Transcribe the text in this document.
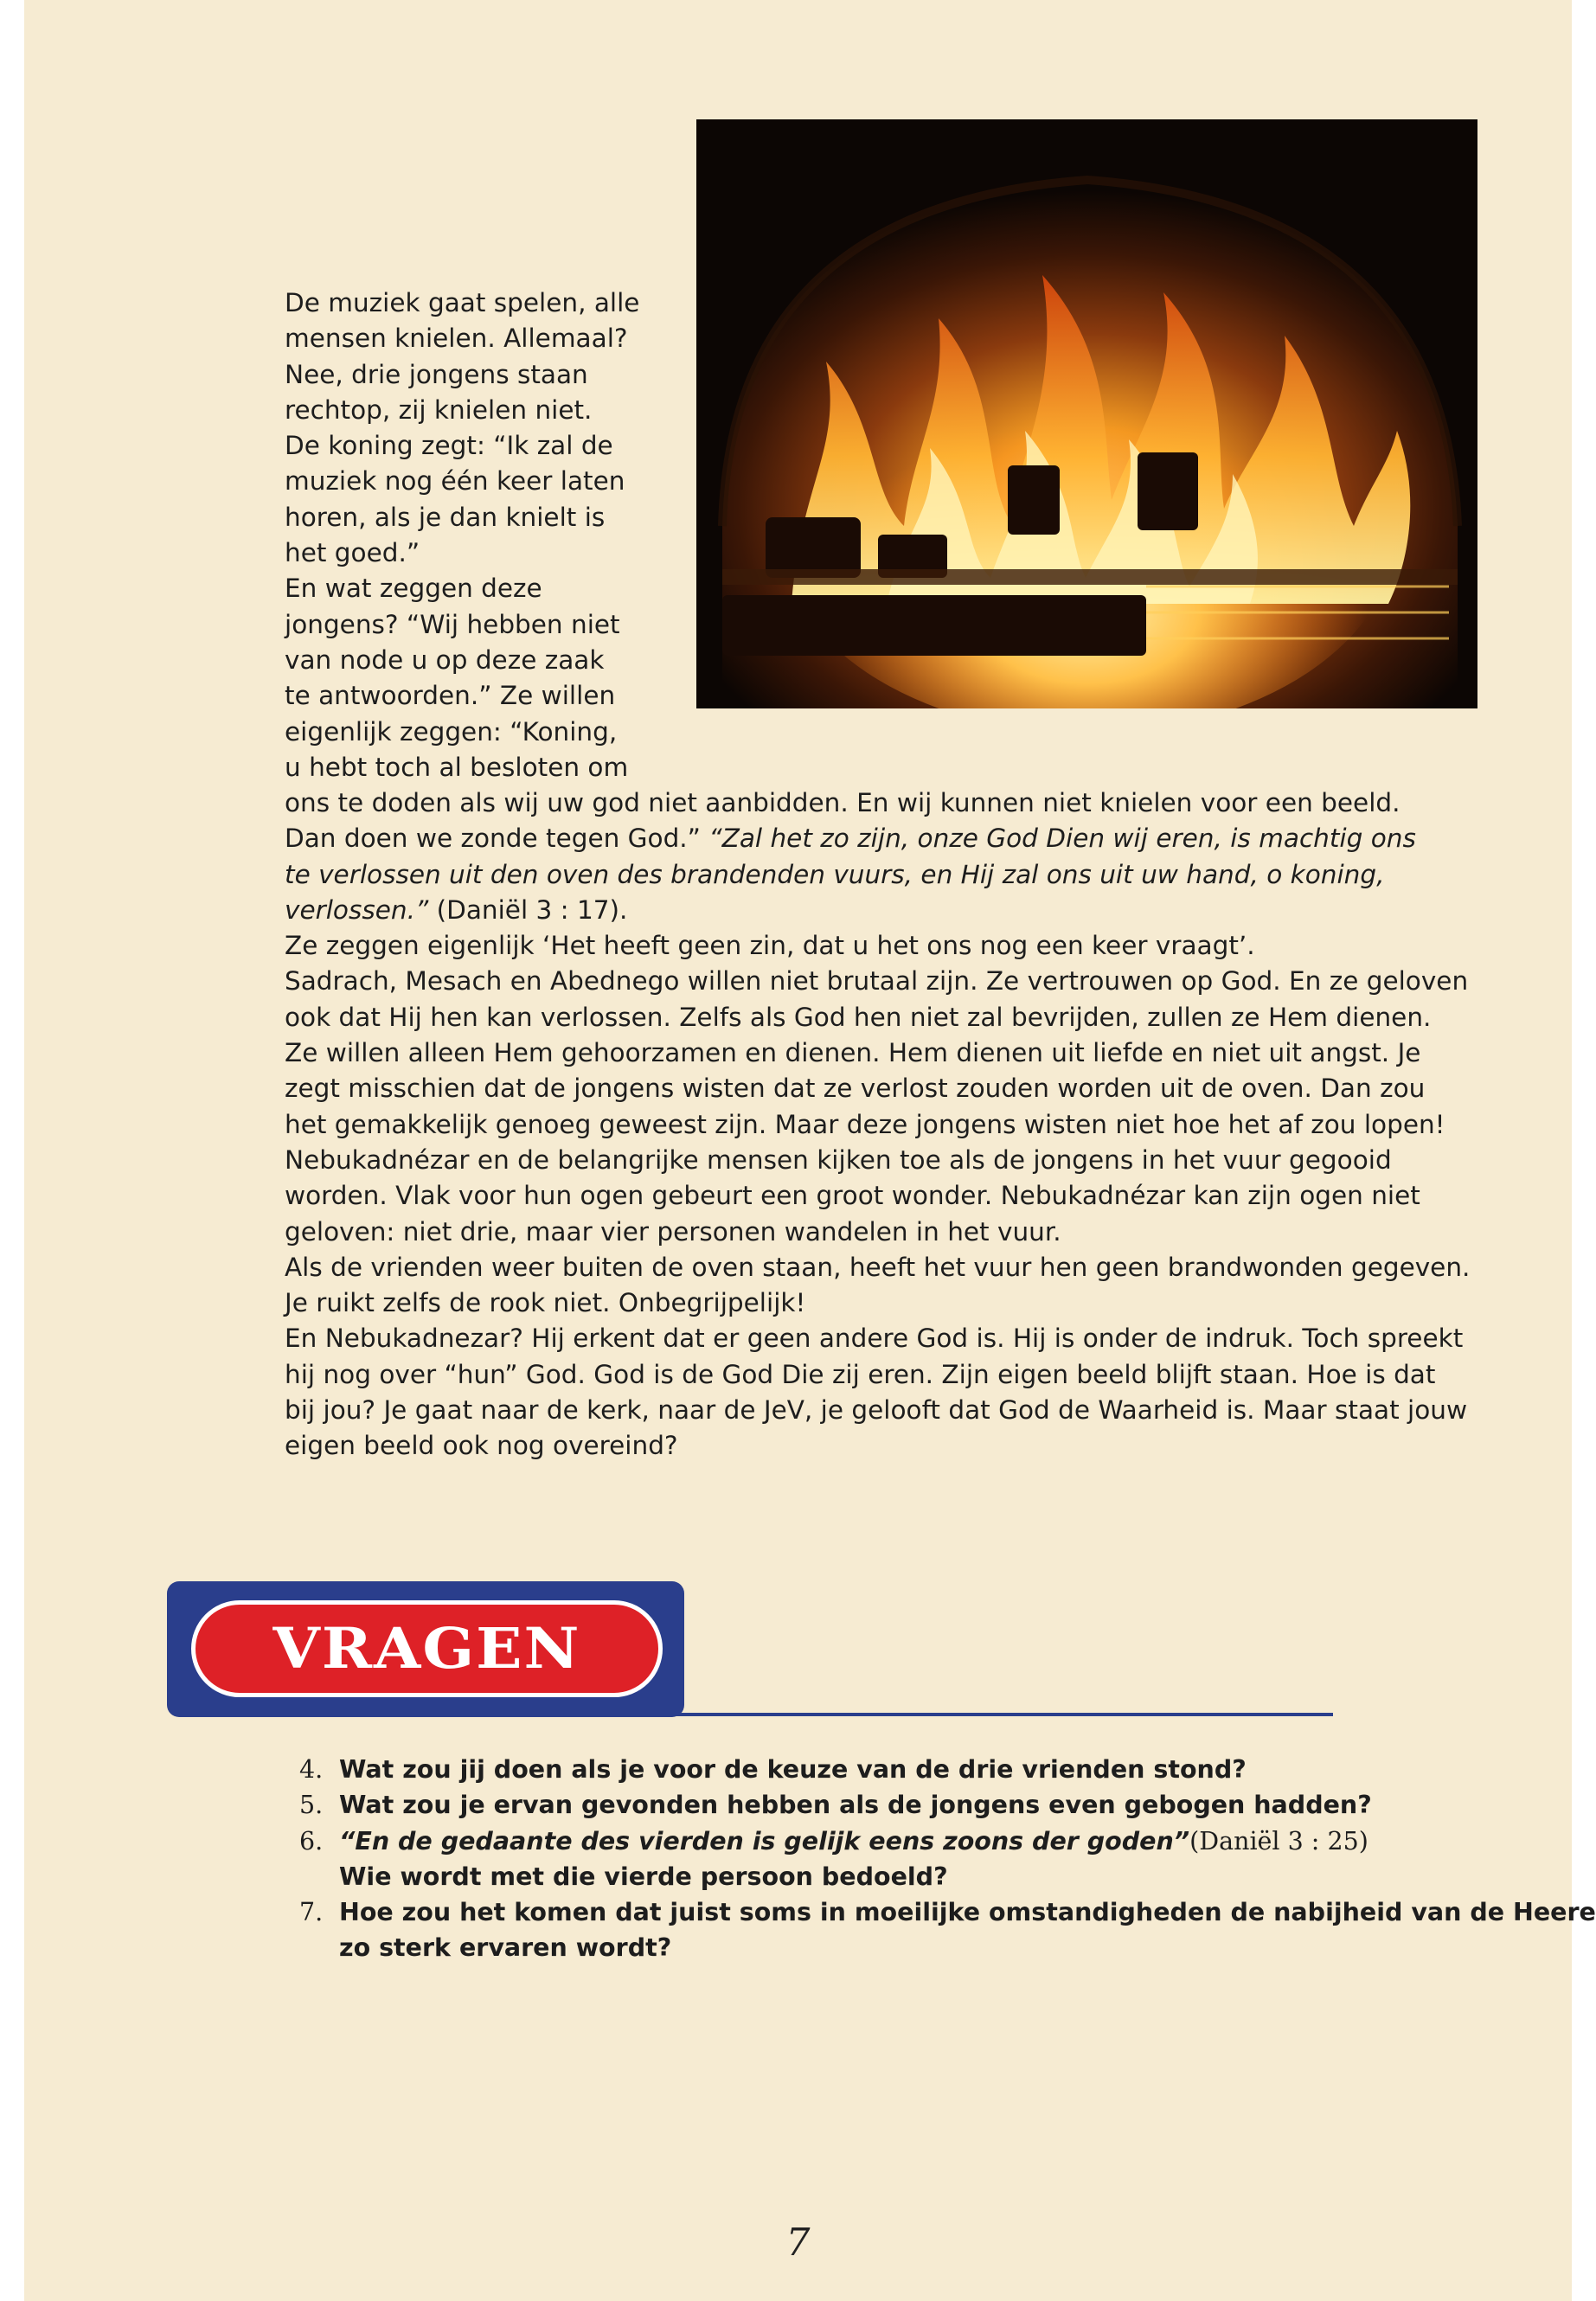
De muziek gaat spelen, alle
mensen knielen. Allemaal?
Nee, drie jongens staan
rechtop, zij knielen niet.
De koning zegt: “Ik zal de
muziek nog één keer laten
horen, als je dan knielt is
het goed.”
En wat zeggen deze
jongens? “Wij hebben niet
van node u op deze zaak
te antwoorden.” Ze willen
eigenlijk zeggen: “Koning,
u hebt toch al besloten om

ons te doden als wij uw god niet aanbidden. En wij kunnen niet knielen voor een beeld.
Dan doen we zonde tegen God.” “Zal het zo zijn, onze God Dien wij eren, is machtig ons
te verlossen uit den oven des brandenden vuurs, en Hij zal ons uit uw hand, o koning,
verlossen.” (Daniël 3 : 17).
Ze zeggen eigenlijk ‘Het heeft geen zin, dat u het ons nog een keer vraagt’.
Sadrach, Mesach en Abednego willen niet brutaal zijn. Ze vertrouwen op God. En ze geloven
ook dat Hij hen kan verlossen. Zelfs als God hen niet zal bevrijden, zullen ze Hem dienen.
Ze willen alleen Hem gehoorzamen en dienen. Hem dienen uit liefde en niet uit angst. Je
zegt misschien dat de jongens wisten dat ze verlost zouden worden uit de oven. Dan zou
het gemakkelijk genoeg geweest zijn. Maar deze jongens wisten niet hoe het af zou lopen!
Nebukadnézar en de belangrijke mensen kijken toe als de jongens in het vuur gegooid
worden. Vlak voor hun ogen gebeurt een groot wonder. Nebukadnézar kan zijn ogen niet
geloven: niet drie, maar vier personen wandelen in het vuur.
Als de vrienden weer buiten de oven staan, heeft het vuur hen geen brandwonden gegeven.
Je ruikt zelfs de rook niet. Onbegrijpelijk!
En Nebukadnezar? Hij erkent dat er geen andere God is. Hij is onder de indruk. Toch spreekt
hij nog over “hun” God. God is de God Die zij eren. Zijn eigen beeld blijft staan. Hoe is dat
bij jou? Je gaat naar de kerk, naar de JeV, je gelooft dat God de Waarheid is. Maar staat jouw
eigen beeld ook nog overeind?

VRAGEN
4. Wat zou jij doen als je voor de keuze van de drie vrienden stond?
5. Wat zou je ervan gevonden hebben als de jongens even gebogen hadden?
6. “En de gedaante des vierden is gelijk eens zoons der goden”(Daniël 3 : 25)
Wie wordt met die vierde persoon bedoeld?
7. Hoe zou het komen dat juist soms in moeilijke omstandigheden de nabijheid van de Heere
zo sterk ervaren wordt?
7
